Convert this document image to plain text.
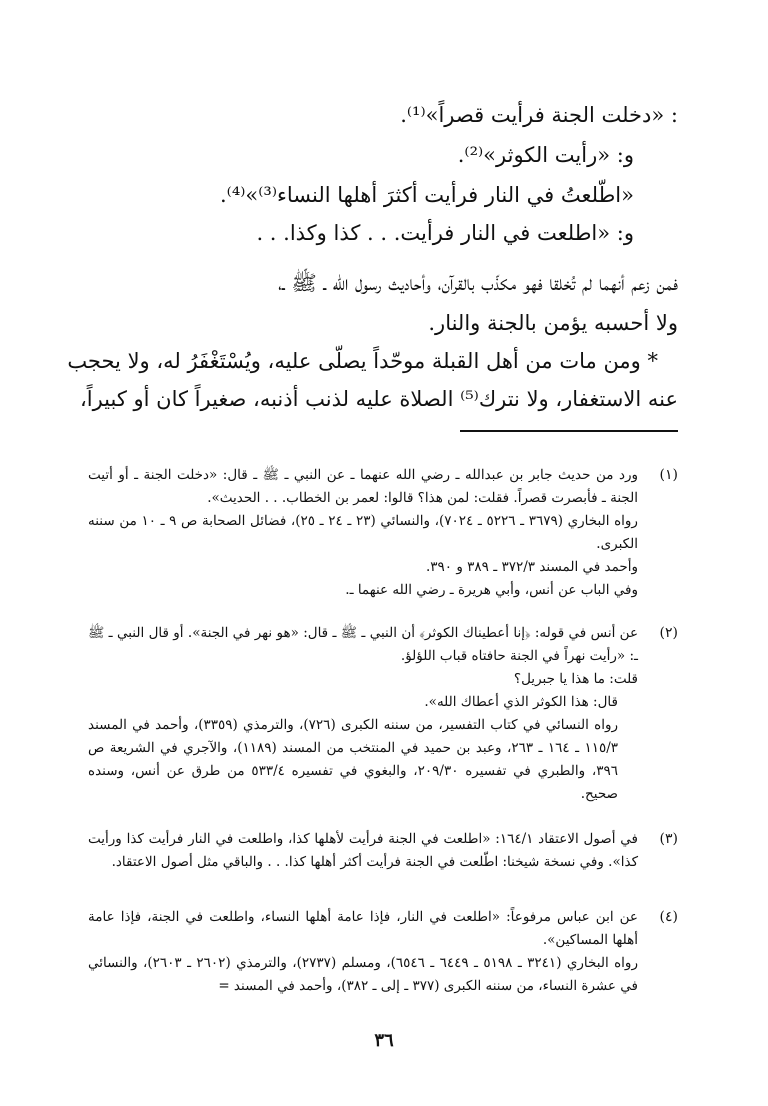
: «دخلت الجنة فرأيت قصراً»⁽¹⁾.
و: «رأيت الكوثر»⁽²⁾.
«اطّلعتُ في النار فرأيت أكثرَ أهلها النساء⁽³⁾»⁽⁴⁾.
و: «اطلعت في النار فرأيت. . . كذا وكذا. . .
فمن زعم أنهما لم تُخلقا فهو مكذّب بالقرآن، وأحاديث رسول الله ـ ﷺ ـ،
ولا أحسبه يؤمن بالجنة والنار.
* ومن مات من أهل القبلة موحّداً يصلّى عليه، ويُسْتَغْفَرُ له، ولا يحجب
عنه الاستغفار، ولا نترك⁽⁵⁾ الصلاة عليه لذنب أذنبه، صغيراً كان أو كبيراً،
(١)

ورد من حديث جابر بن عبدالله ـ رضي الله عنهما ـ عن النبي ـ ﷺ ـ قال: «دخلت الجنة ـ أو أتيت الجنة ـ فأبصرت قصراً. فقلت: لمن هذا؟ قالوا: لعمر بن الخطاب. . . الحديث».

رواه البخاري (٣٦٧٩ ـ ٥٢٢٦ ـ ٧٠٢٤)، والنسائي (٢٣ ـ ٢٤ ـ ٢٥)، فضائل الصحابة ص ٩ ـ ١٠ من سننه الكبرى.

وأحمد في المسند ٣٧٢/٣ ـ ٣٨٩ و ٣٩٠.

وفي الباب عن أنس، وأبي هريرة ـ رضي الله عنهما ـ.

(٢)

عن أنس في قوله: ﴿إنا أعطيناك الكوثر﴾ أن النبي ـ ﷺ ـ قال: «هو نهر في الجنة». أو قال النبي ـ ﷺ ـ: «رأيت نهراً في الجنة حافتاه قباب اللؤلؤ.

قلت: ما هذا يا جبريل؟

قال: هذا الكوثر الذي أعطاك الله».

رواه النسائي في كتاب التفسير، من سننه الكبرى (٧٢٦)، والترمذي (٣٣٥٩)، وأحمد في المسند ١١٥/٣ ـ ١٦٤ ـ ٢٦٣، وعبد بن حميد في المنتخب من المسند (١١٨٩)، والآجري في الشريعة ص ٣٩٦، والطبري في تفسيره ٢٠٩/٣٠، والبغوي في تفسيره ٥٣٣/٤ من طرق عن أنس، وسنده صحيح.

(٣)

في أصول الاعتقاد ١٦٤/١: «اطلعت في الجنة فرأيت لأهلها كذا، واطلعت في النار فرأيت كذا ورأيت كذا». وفي نسخة شيخنا: اطّلعت في الجنة فرأيت أكثر أهلها كذا. . . والباقي مثل أصول الاعتقاد.

(٤)

عن ابن عباس مرفوعاً: «اطلعت في النار، فإذا عامة أهلها النساء، واطلعت في الجنة، فإذا عامة أهلها المساكين».

رواه البخاري (٣٢٤١ ـ ٥١٩٨ ـ ٦٤٤٩ ـ ٦٥٤٦)، ومسلم (٢٧٣٧)، والترمذي (٢٦٠٢ ـ ٢٦٠٣)، والنسائي في عشرة النساء، من سننه الكبرى (٣٧٧ ـ إلى ـ ٣٨٢)، وأحمد في المسند =

٣٦
